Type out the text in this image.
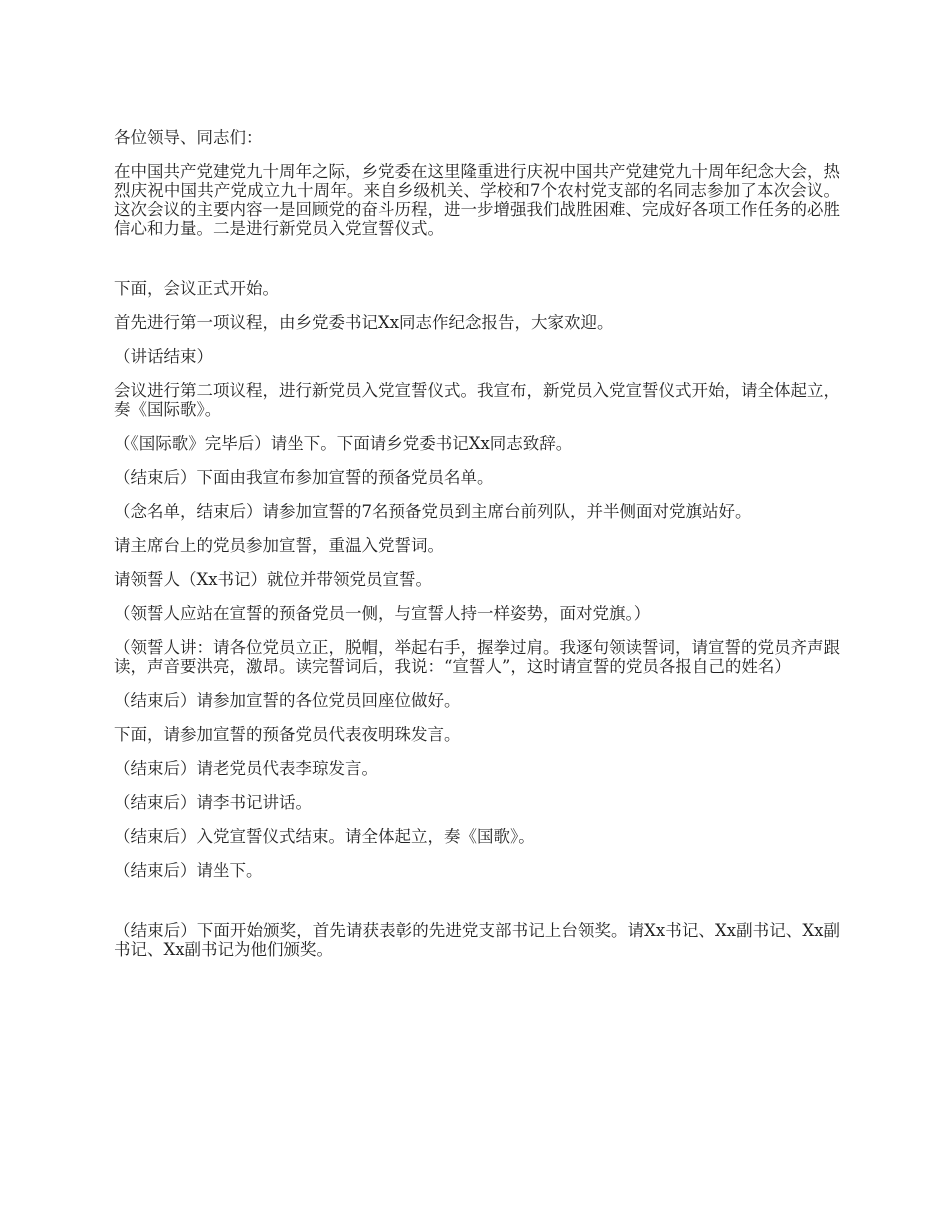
各位领导、同志们：

在中国共产党建党九十周年之际，乡党委在这里隆重进行庆祝中国共产党建党九十周年纪念大会，热烈庆祝中国共产党成立九十周年。来自乡级机关、学校和7个农村党支部的名同志参加了本次会议。这次会议的主要内容一是回顾党的奋斗历程，进一步增强我们战胜困难、完成好各项工作任务的必胜信心和力量。二是进行新党员入党宣誓仪式。

下面，会议正式开始。

首先进行第一项议程，由乡党委书记Xx同志作纪念报告，大家欢迎。

（讲话结束）

会议进行第二项议程，进行新党员入党宣誓仪式。我宣布，新党员入党宣誓仪式开始，请全体起立，奏《国际歌》。

（《国际歌》完毕后）请坐下。下面请乡党委书记Xx同志致辞。

（结束后）下面由我宣布参加宣誓的预备党员名单。

（念名单，结束后）请参加宣誓的7名预备党员到主席台前列队，并半侧面对党旗站好。

请主席台上的党员参加宣誓，重温入党誓词。

请领誓人（Xx书记）就位并带领党员宣誓。

（领誓人应站在宣誓的预备党员一侧，与宣誓人持一样姿势，面对党旗。）

（领誓人讲：请各位党员立正，脱帽，举起右手，握拳过肩。我逐句领读誓词，请宣誓的党员齐声跟读，声音要洪亮，激昂。读完誓词后，我说：“宣誓人”，这时请宣誓的党员各报自己的姓名）

（结束后）请参加宣誓的各位党员回座位做好。

下面，请参加宣誓的预备党员代表夜明珠发言。

（结束后）请老党员代表李琼发言。

（结束后）请李书记讲话。

（结束后）入党宣誓仪式结束。请全体起立，奏《国歌》。

（结束后）请坐下。

（结束后）下面开始颁奖，首先请获表彰的先进党支部书记上台领奖。请Xx书记、Xx副书记、Xx副书记、Xx副书记为他们颁奖。
